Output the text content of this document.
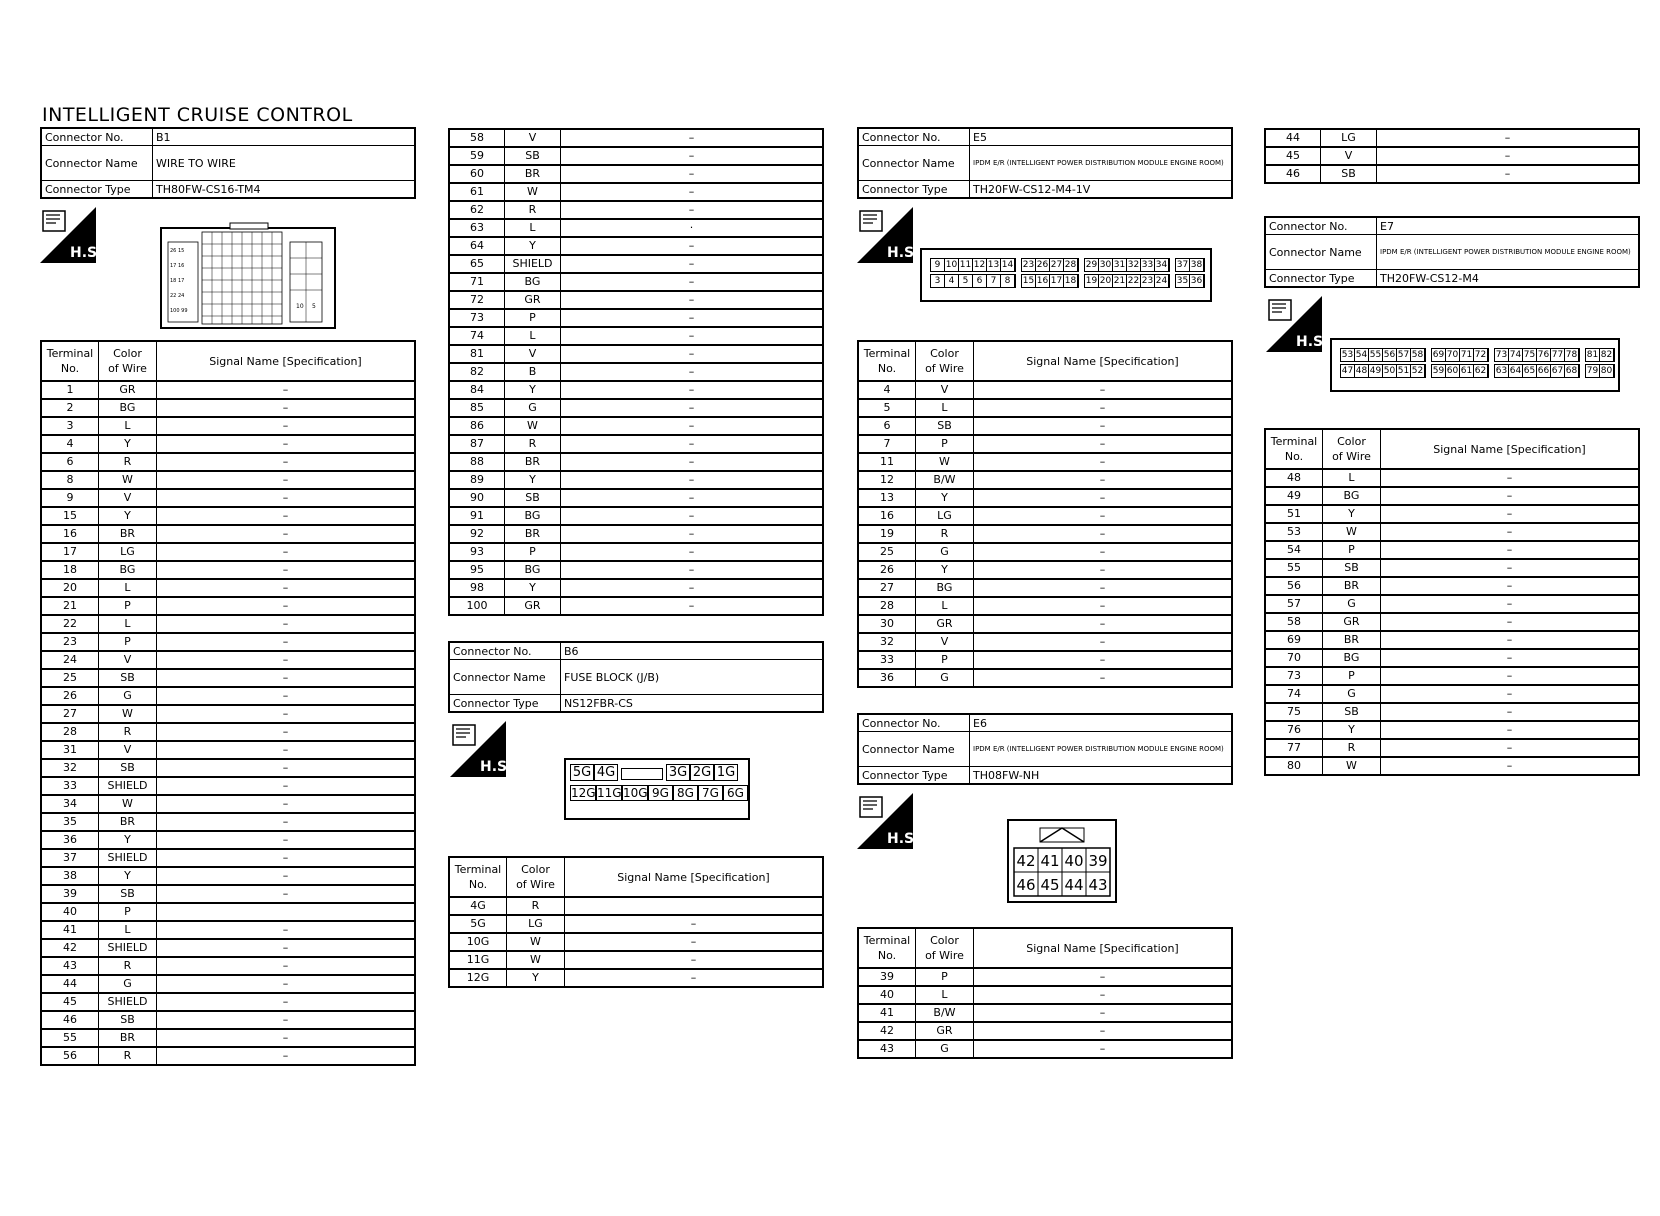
INTELLIGENT CRUISE CONTROL
Connector No.	B1
Connector Name	WIRE TO WIRE
Connector Type	TH80FW-CS16-TM4
H.S.	26 15
17 16
18 17
22 24
100 99
10 5
Terminal
No.	Color
of Wire	Signal Name [Specification]
1	GR	–
2	BG	–
3	L	–
4	Y	–
6	R	–
8	W	–
9	V	–
15	Y	–
16	BR	–
17	LG	–
18	BG	–
20	L	–
21	P	–
22	L	–
23	P	–
24	V	–
25	SB	–
26	G	–
27	W	–
28	R	–
31	V	–
32	SB	–
33	SHIELD	–
34	W	–
35	BR	–
36	Y	–
37	SHIELD	–
38	Y	–
39	SB	–
40	P	
41	L	–
42	SHIELD	–
43	R	–
44	G	–
45	SHIELD	–
46	SB	–
55	BR	–
56	R	–
58	V	–
59	SB	–
60	BR	–
61	W	–
62	R	–
63	L	·
64	Y	–
65	SHIELD	–
71	BG	–
72	GR	–
73	P	–
74	L	–
81	V	–
82	B	–
84	Y	–
85	G	–
86	W	–
87	R	–
88	BR	–
89	Y	–
90	SB	–
91	BG	–
92	BR	–
93	P	–
95	BG	–
98	Y	–
100	GR	–
Connector No.	B6
Connector Name	FUSE BLOCK (J/B)
Connector Type	NS12FBR-CS
H.S.	5G 4G	3G 2G 1G
12G 11G 10G 9G 8G 7G 6G
Terminal
No.	Color
of Wire	Signal Name [Specification]
4G	R	
5G	LG	–
10G	W	–
11G	W	–
12G	Y	–
Connector No.	E5
Connector Name	IPDM E/R (INTELLIGENT POWER DISTRIBUTION MODULE ENGINE ROOM)
Connector Type	TH20FW-CS12-M4-1V
H.S.
9 10 11 12 13 14 23 26 27 28 29 30 31 32 33 34 37 38
3 4 5 6 7 8	15 16 17 18 19 20 21 22 23 24 35 36
Terminal
No.	Color
of Wire	Signal Name [Specification]
4	V	–
5	L	–
6	SB	–
7	P	–
11	W	–
12	B/W	–
13	Y	–
16	LG	–
19	R	–
25	G	–
26	Y	–
27	BG	–
28	L	–
30	GR	–
32	V	–
33	P	–
36	G	–
Connector No.	E6
Connector Name	IPDM E/R (INTELLIGENT POWER DISTRIBUTION MODULE ENGINE ROOM)
Connector Type	TH08FW-NH
H.S.
42 41 40 39
46 45 44 43
Terminal
No.	Color
of Wire	Signal Name [Specification]
39	P	–
40	L	–
41	B/W	–
42	GR	–
43	G	–
44	LG	–
45	V	–
46	SB	–
Connector No.	E7
Connector Name	IPDM E/R (INTELLIGENT POWER DISTRIBUTION MODULE ENGINE ROOM)
Connector Type	TH20FW-CS12-M4
H.S.
53 54 55 56 57 58 69 70 71 72 73 74 75 76 77 78 81 82
47 48 49 50 51 52 59 60 61 62 63 64 65 66 67 68 79 80
Terminal
No.	Color
of Wire	Signal Name [Specification]
48	L	–
49	BG	–
51	Y	–
53	W	–
54	P	–
55	SB	–
56	BR	–
57	G	–
58	GR	–
69	BR	–
70	BG	–
73	P	–
74	G	–
75	SB	–
76	Y	–
77	R	–
80	W	–
